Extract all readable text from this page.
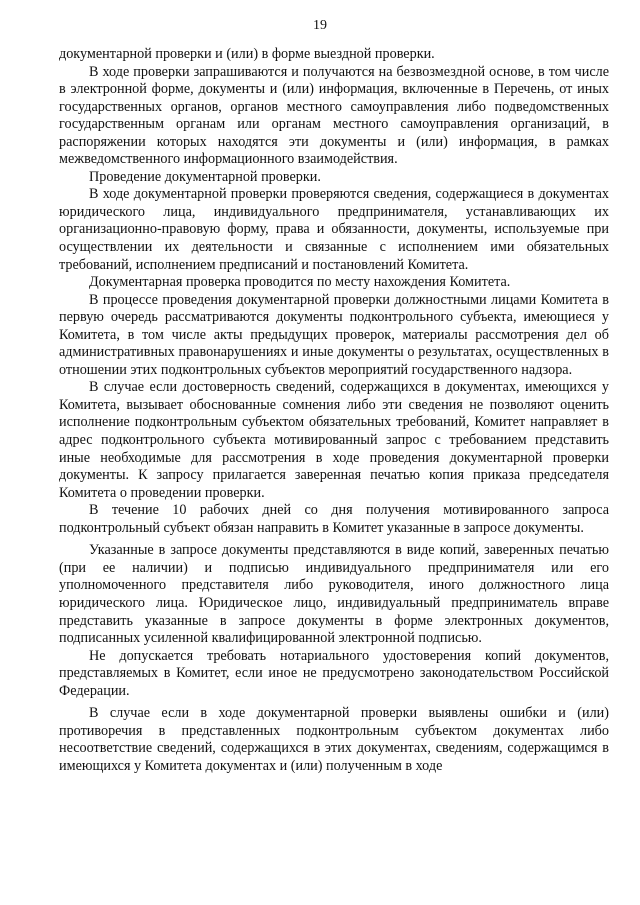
19

документарной проверки и (или) в форме выездной проверки.

В ходе проверки запрашиваются и получаются на безвозмездной основе, в том числе в электронной форме, документы и (или) информация, включенные в Перечень, от иных государственных органов, органов местного самоуправления либо подведомственных государственным органам или органам местного самоуправления организаций, в распоряжении которых находятся эти документы и (или) информация, в рамках межведомственного информационного взаимодействия.

Проведение документарной проверки.

В ходе документарной проверки проверяются сведения, содержащиеся в документах юридического лица, индивидуального предпринимателя, устанавливающих их организационно-правовую форму, права и обязанности, документы, используемые при осуществлении их деятельности и связанные с исполнением ими обязательных требований, исполнением предписаний и постановлений Комитета.

Документарная проверка проводится по месту нахождения Комитета.

В процессе проведения документарной проверки должностными лицами Комитета в первую очередь рассматриваются документы подконтрольного субъекта, имеющиеся у Комитета, в том числе акты предыдущих проверок, материалы рассмотрения дел об административных правонарушениях и иные документы о результатах, осуществленных в отношении этих подконтрольных субъектов мероприятий государственного надзора.

В случае если достоверность сведений, содержащихся в документах, имеющихся у Комитета, вызывает обоснованные сомнения либо эти сведения не позволяют оценить исполнение подконтрольным субъектом обязательных требований, Комитет направляет в адрес подконтрольного субъекта мотивированный запрос с требованием представить иные необходимые для рассмотрения в ходе проведения документарной проверки документы. К запросу прилагается заверенная печатью копия приказа председателя Комитета о проведении проверки.

В течение 10 рабочих дней со дня получения мотивированного запроса подконтрольный субъект обязан направить в Комитет указанные в запросе документы.

Указанные в запросе документы представляются в виде копий, заверенных печатью (при ее наличии) и подписью индивидуального предпринимателя или его уполномоченного представителя либо руководителя, иного должностного лица юридического лица. Юридическое лицо, индивидуальный предприниматель вправе представить указанные в запросе документы в форме электронных документов, подписанных усиленной квалифицированной электронной подписью.

Не допускается требовать нотариального удостоверения копий документов, представляемых в Комитет, если иное не предусмотрено законодательством Российской Федерации.

В случае если в ходе документарной проверки выявлены ошибки и (или) противоречия в представленных подконтрольным субъектом документах либо несоответствие сведений, содержащихся в этих документах, сведениям, содержащимся в имеющихся у Комитета документах и (или) полученным в ходе
